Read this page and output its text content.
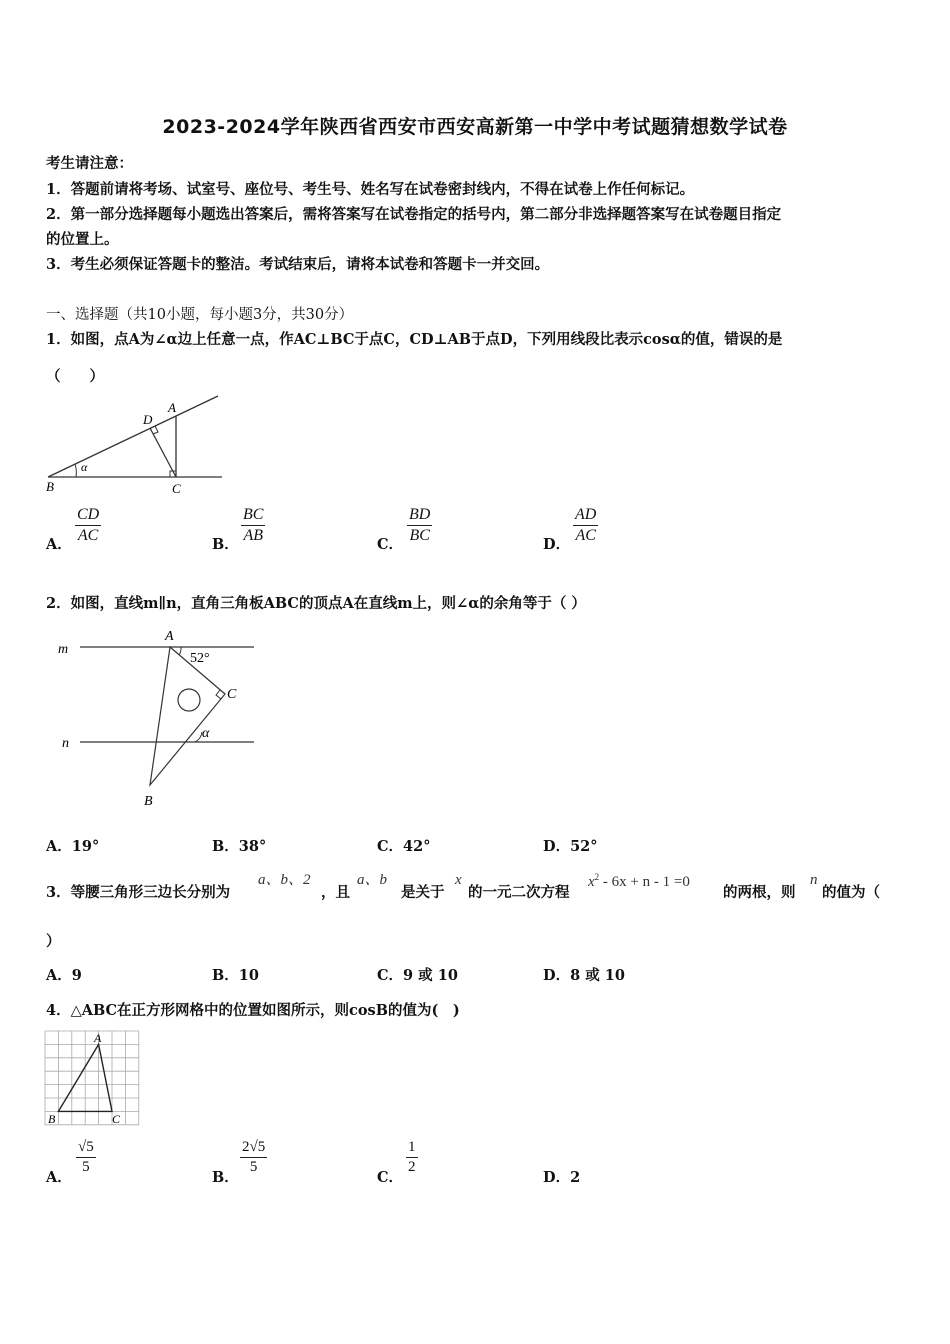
2023-2024学年陕西省西安市西安高新第一中学中考试题猜想数学试卷
考生请注意：
1．答题前请将考场、试室号、座位号、考生号、姓名写在试卷密封线内，不得在试卷上作任何标记。
2．第一部分选择题每小题选出答案后，需将答案写在试卷指定的括号内，第二部分非选择题答案写在试卷题目指定
的位置上。
3．考生必须保证答题卡的整洁。考试结束后，请将本试卷和答题卡一并交回。
一、选择题（共10小题，每小题3分，共30分）
1．如图，点A为∠α边上任意一点，作AC⊥BC于点C，CD⊥AB于点D，下列用线段比表示cosα的值，错误的是
（　　）
D
A
α
B	C
A．
CD
AC
B．
BC
AB
C．
BD
BC
D．
AD
AC
2．如图，直线m∥n，直角三角板ABC的顶点A在直线m上，则∠α的余角等于（ ）
m
n
A
52°
C
α
B
A．19°	B．38°	C．42°	D．52°
3．等腰三角形三边长分别为
a、b、2
，且
a、b
是关于
x
的一元二次方程
$x^2 - 6x + n - 1 =0$
的两根，则
n
的值为（
）
A．9	B．10	C．9 或 10	D．8 或 10
4．△ABC在正方形网格中的位置如图所示，则cosB的值为(　)
A
B	C
A．
√5
5
B．
2√5
5
C．
1
2
D．2
